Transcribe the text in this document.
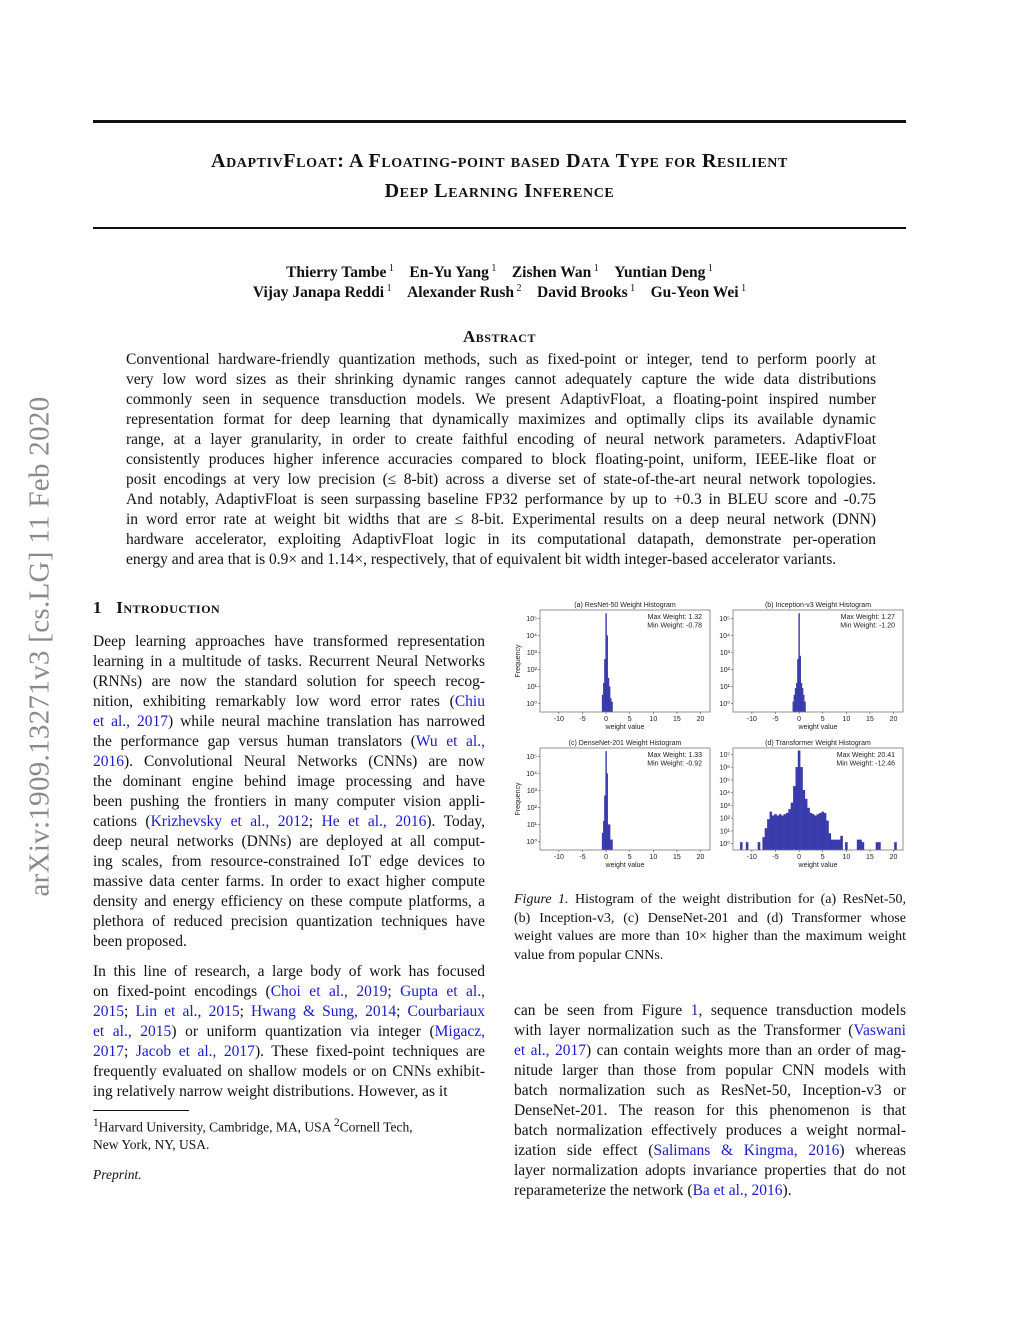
AdaptivFloat: A Floating-point based Data Type for Resilient
Deep Learning Inference
arXiv:1909.13271v3 [cs.LG] 11 Feb 2020
Thierry Tambe $^1$  En-Yu Yang $^1$  Zishen Wan $^1$  Yuntian Deng $^1$
Vijay Janapa Reddi $^1$  Alexander Rush $^2$  David Brooks $^1$  Gu-Yeon Wei $^1$
Abstract
Conventional hardware-friendly quantization methods, such as fixed-point or integer, tend to perform poorly at
very low word sizes as their shrinking dynamic ranges cannot adequately capture the wide data distributions
commonly seen in sequence transduction models. We present AdaptivFloat, a floating-point inspired number
representation format for deep learning that dynamically maximizes and optimally clips its available dynamic
range, at a layer granularity, in order to create faithful encoding of neural network parameters. AdaptivFloat
consistently produces higher inference accuracies compared to block floating-point, uniform, IEEE-like float or
posit encodings at very low precision (≤ 8-bit) across a diverse set of state-of-the-art neural network topologies.
And notably, AdaptivFloat is seen surpassing baseline FP32 performance by up to +0.3 in BLEU score and -0.75
in word error rate at weight bit widths that are ≤ 8-bit. Experimental results on a deep neural network (DNN)
hardware accelerator, exploiting AdaptivFloat logic in its computational datapath, demonstrate per-operation
energy and area that is 0.9× and 1.14×, respectively, that of equivalent bit width integer-based accelerator variants.
1 Introduction
Deep learning approaches have transformed representation
learning in a multitude of tasks. Recurrent Neural Networks
(RNNs) are now the standard solution for speech recog-
nition, exhibiting remarkably low word error rates (Chiu
et al., 2017) while neural machine translation has narrowed
the performance gap versus human translators (Wu et al.,
2016). Convolutional Neural Networks (CNNs) are now
the dominant engine behind image processing and have
been pushing the frontiers in many computer vision appli-
cations (Krizhevsky et al., 2012; He et al., 2016). Today,
deep neural networks (DNNs) are deployed at all comput-
ing scales, from resource-constrained IoT edge devices to
massive data center farms. In order to exact higher compute
density and energy efficiency on these compute platforms, a
plethora of reduced precision quantization techniques have
been proposed.
In this line of research, a large body of work has focused
on fixed-point encodings (Choi et al., 2019; Gupta et al.,
2015; Lin et al., 2015; Hwang & Sung, 2014; Courbariaux
et al., 2015) or uniform quantization via integer (Migacz,
2017; Jacob et al., 2017). These fixed-point techniques are
frequently evaluated on shallow models or on CNNs exhibit-
ing relatively narrow weight distributions. However, as it
$^1$Harvard University, Cambridge, MA, USA $^2$Cornell Tech,
New York, NY, USA.
Preprint.
(a) ResNet-50 Weight Histogram
-10 -5	0	5	10 15 20
10⁰
10¹
10²
10³
10⁴
10⁵
weight value
Frequency
Max Weight: 1.32
Min Weight: -0.78
(b) Inception-v3 Weight Histogram
-10 -5	0	5	10 15 20
10⁰
10¹
10²
10³
10⁴
10⁵
weight value
Max Weight: 1.27
Min Weight: -1.20
(c) DenseNet-201 Weight Histogram
-10 -5	0	5	10 15 20
10⁰
10¹
10²
10³
10⁴
10⁵
weight value
Frequency
Max Weight: 1.33
Min Weight: -0.92
(d) Transformer Weight Histogram
-10 -5	0	5	10 15 20
10⁰
10¹
10²
10³
10⁴
10⁵
10⁶
10⁷
weight value
Max Weight: 20.41
Min Weight: -12.46
Figure 1. Histogram of the weight distribution for (a) ResNet-50,
(b) Inception-v3, (c) DenseNet-201 and (d) Transformer whose
weight values are more than 10× higher than the maximum weight
value from popular CNNs.
can be seen from Figure 1, sequence transduction models
with layer normalization such as the Transformer (Vaswani
et al., 2017) can contain weights more than an order of mag-
nitude larger than those from popular CNN models with
batch normalization such as ResNet-50, Inception-v3 or
DenseNet-201. The reason for this phenomenon is that
batch normalization effectively produces a weight normal-
ization side effect (Salimans & Kingma, 2016) whereas
layer normalization adopts invariance properties that do not
reparameterize the network (Ba et al., 2016).
